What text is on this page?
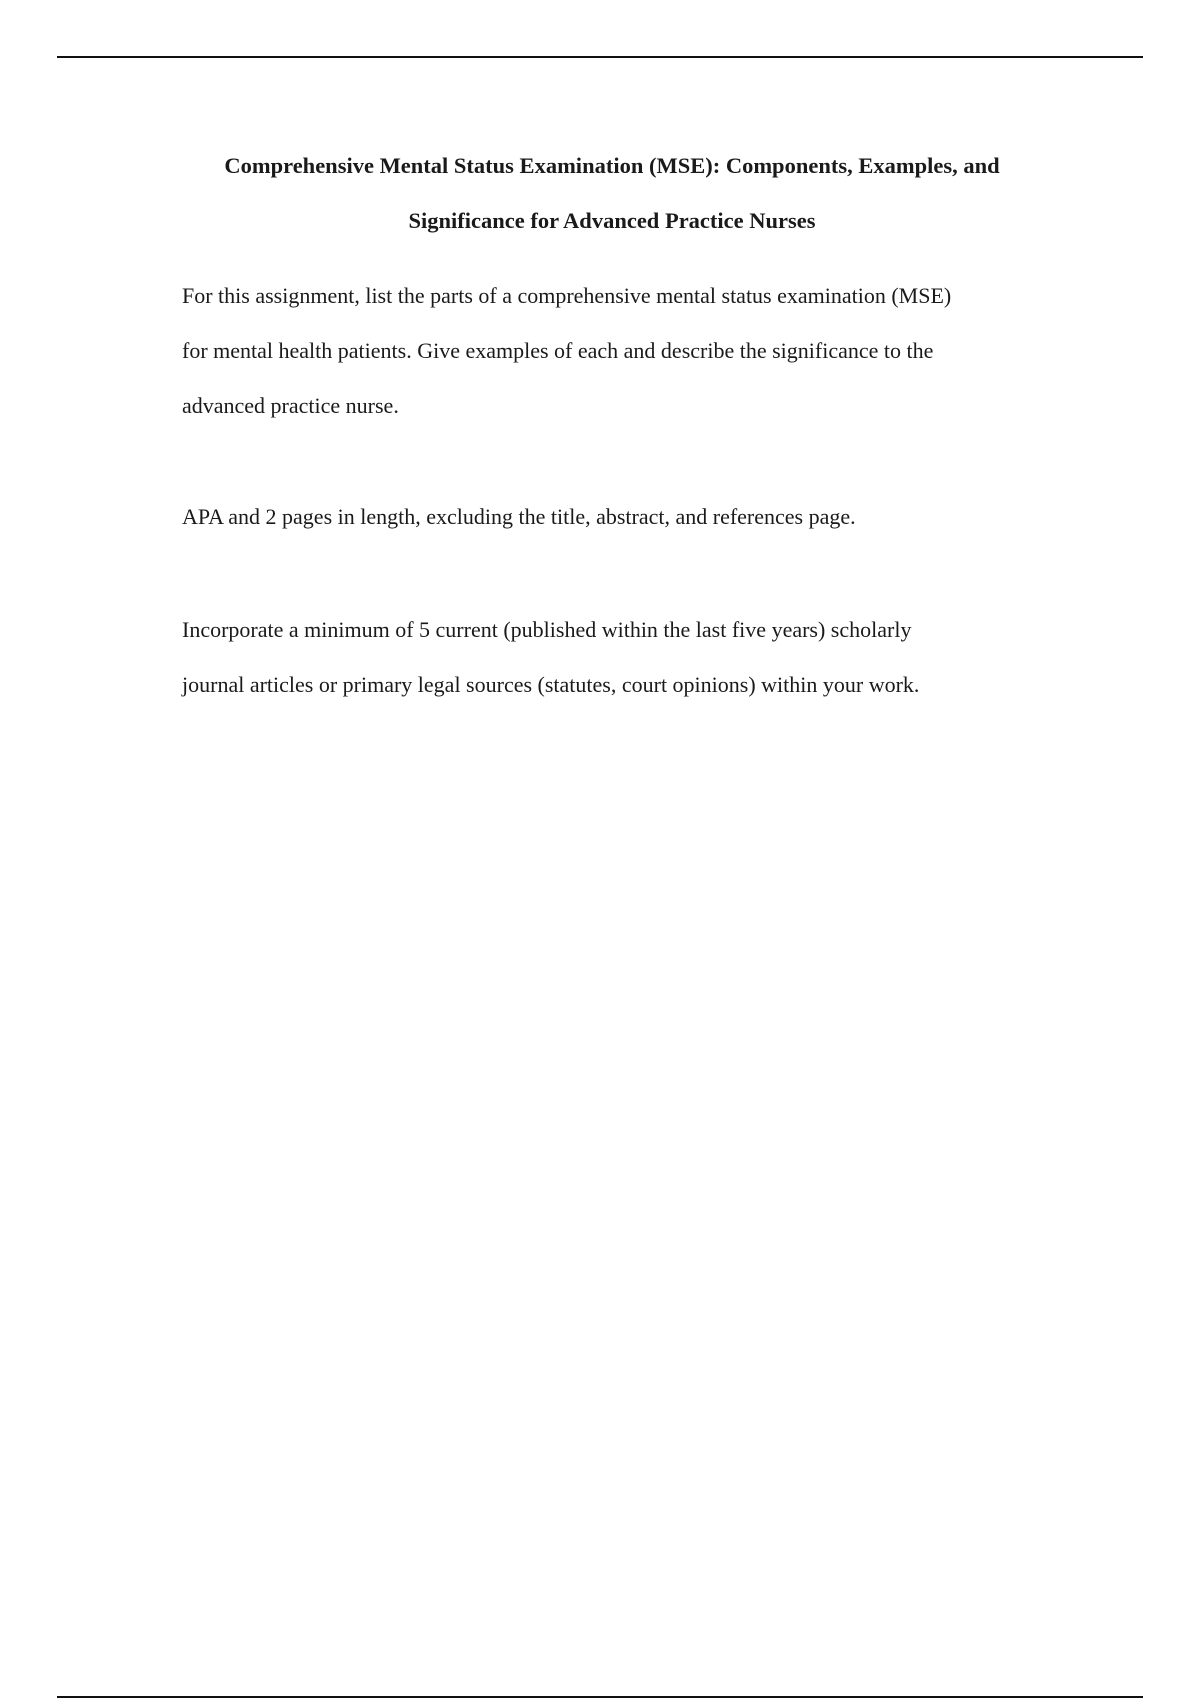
Comprehensive Mental Status Examination (MSE): Components, Examples, and
Significance for Advanced Practice Nurses

For this assignment, list the parts of a comprehensive mental status examination (MSE)
for mental health patients. Give examples of each and describe the significance to the
advanced practice nurse.

APA and 2 pages in length, excluding the title, abstract, and references page.

Incorporate a minimum of 5 current (published within the last five years) scholarly
journal articles or primary legal sources (statutes, court opinions) within your work.
